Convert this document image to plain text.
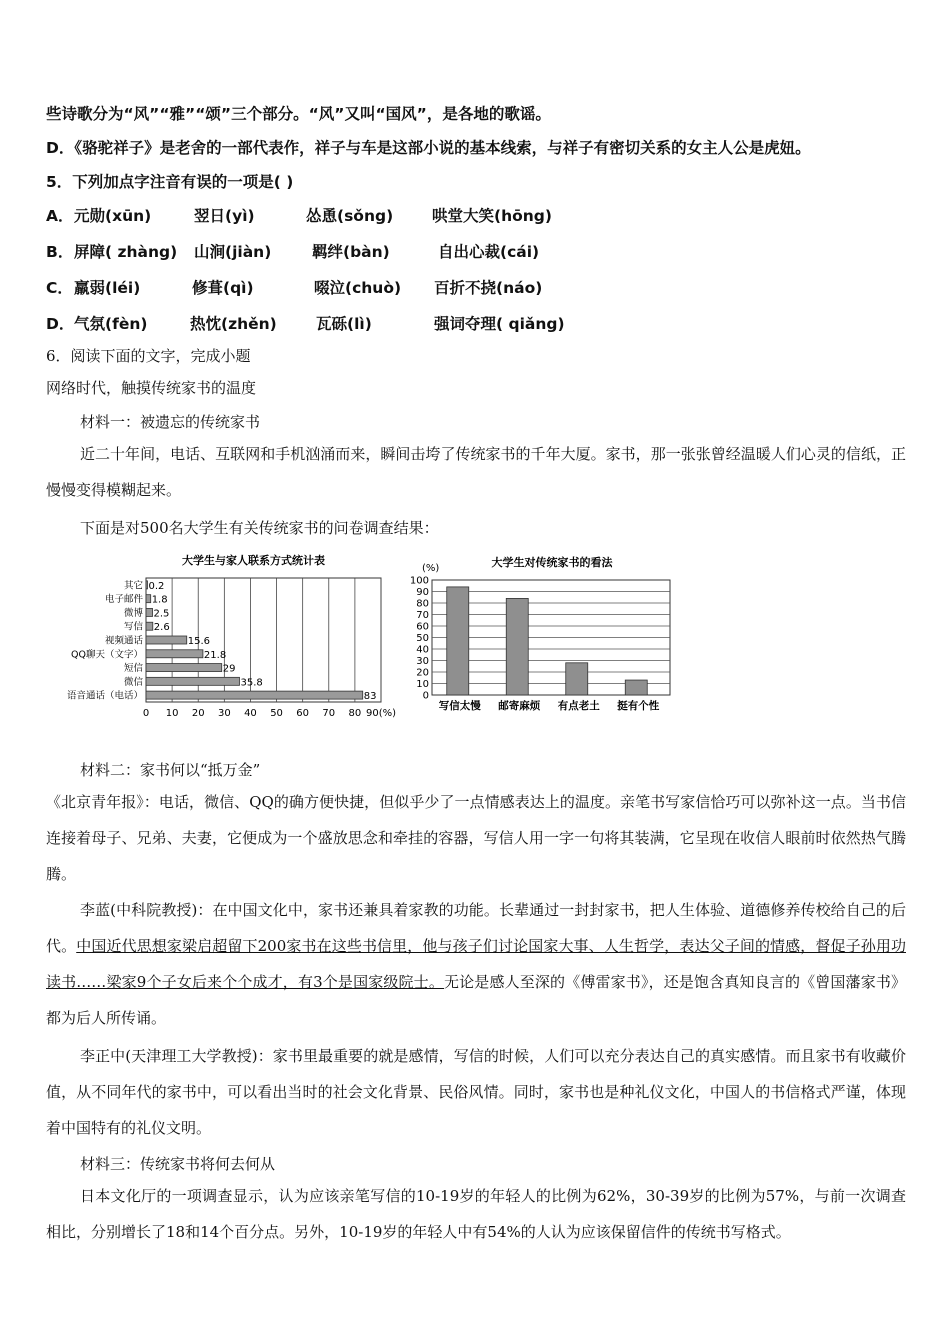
些诗歌分为“风”“雅”“颂”三个部分。“风”又叫“国风”，是各地的歌谣。
D．《骆驼祥子》是老舍的一部代表作，祥子与车是这部小说的基本线索，与祥子有密切关系的女主人公是虎妞。
5．下列加点字注音有误的一项是( )
A．元勋(xūn)	翌日(yì)	怂恿(sǒng)	哄堂大笑(hōng)
B．屏障( zhàng) 山涧(jiàn)	羁绊(bàn)	自出心裁(cái)
C．羸弱(léi)	修葺(qì)	啜泣(chuò) 百折不挠(náo)
D．气氛(fèn)	热忱(zhěn)	瓦砾(lì)	强词夺理( qiǎng)
6．阅读下面的文字，完成小题
网络时代，触摸传统家书的温度
材料一：被遗忘的传统家书
近二十年间，电话、互联网和手机汹涌而来，瞬间击垮了传统家书的千年大厦。家书，那一张张曾经温暖人们心灵的信纸，正慢慢变得模糊起来。
下面是对500名大学生有关传统家书的问卷调查结果：
大学生与家人联系方式统计表
0 10 20 30 40 50 60 70 80 90(%)
其它 0.2
电子邮件 1.8
微博 2.5
写信 2.6
视频通话	15.6
QQ聊天（文字）	21.8
短信	29
微信	35.8
语音通话（电话）	83
大学生对传统家书的看法
(%)
0
10
20
30
40
50
60
70
80
90
100
写信太慢 邮寄麻烦 有点老土 挺有个性
材料二：家书何以“抵万金”
《北京青年报》：电话，微信、QQ的确方便快捷，但似乎少了一点情感表达上的温度。亲笔书写家信恰巧可以弥补这一点。当书信连接着母子、兄弟、夫妻，它便成为一个盛放思念和牵挂的容器，写信人用一字一句将其装满，它呈现在收信人眼前时依然热气腾腾。
李蓝(中科院教授)：在中国文化中，家书还兼具着家教的功能。长辈通过一封封家书，把人生体验、道德修养传校给自己的后代。中国近代思想家梁启超留下200家书在这些书信里，他与孩子们讨论国家大事、人生哲学，表达父子间的情感，督促子孙用功读书……梁家9个子女后来个个成才，有3个是国家级院士。无论是感人至深的《傅雷家书》，还是饱含真知良言的《曾国藩家书》都为后人所传诵。
李正中(天津理工大学教授)：家书里最重要的就是感情，写信的时候，人们可以充分表达自己的真实感情。而且家书有收藏价值，从不同年代的家书中，可以看出当时的社会文化背景、民俗风情。同时，家书也是种礼仪文化，中国人的书信格式严谨，体现着中国特有的礼仪文明。
材料三：传统家书将何去何从
日本文化厅的一项调查显示，认为应该亲笔写信的10-19岁的年轻人的比例为62%，30-39岁的比例为57%，与前一次调查相比，分别增长了18和14个百分点。另外，10-19岁的年轻人中有54%的人认为应该保留信件的传统书写格式。
